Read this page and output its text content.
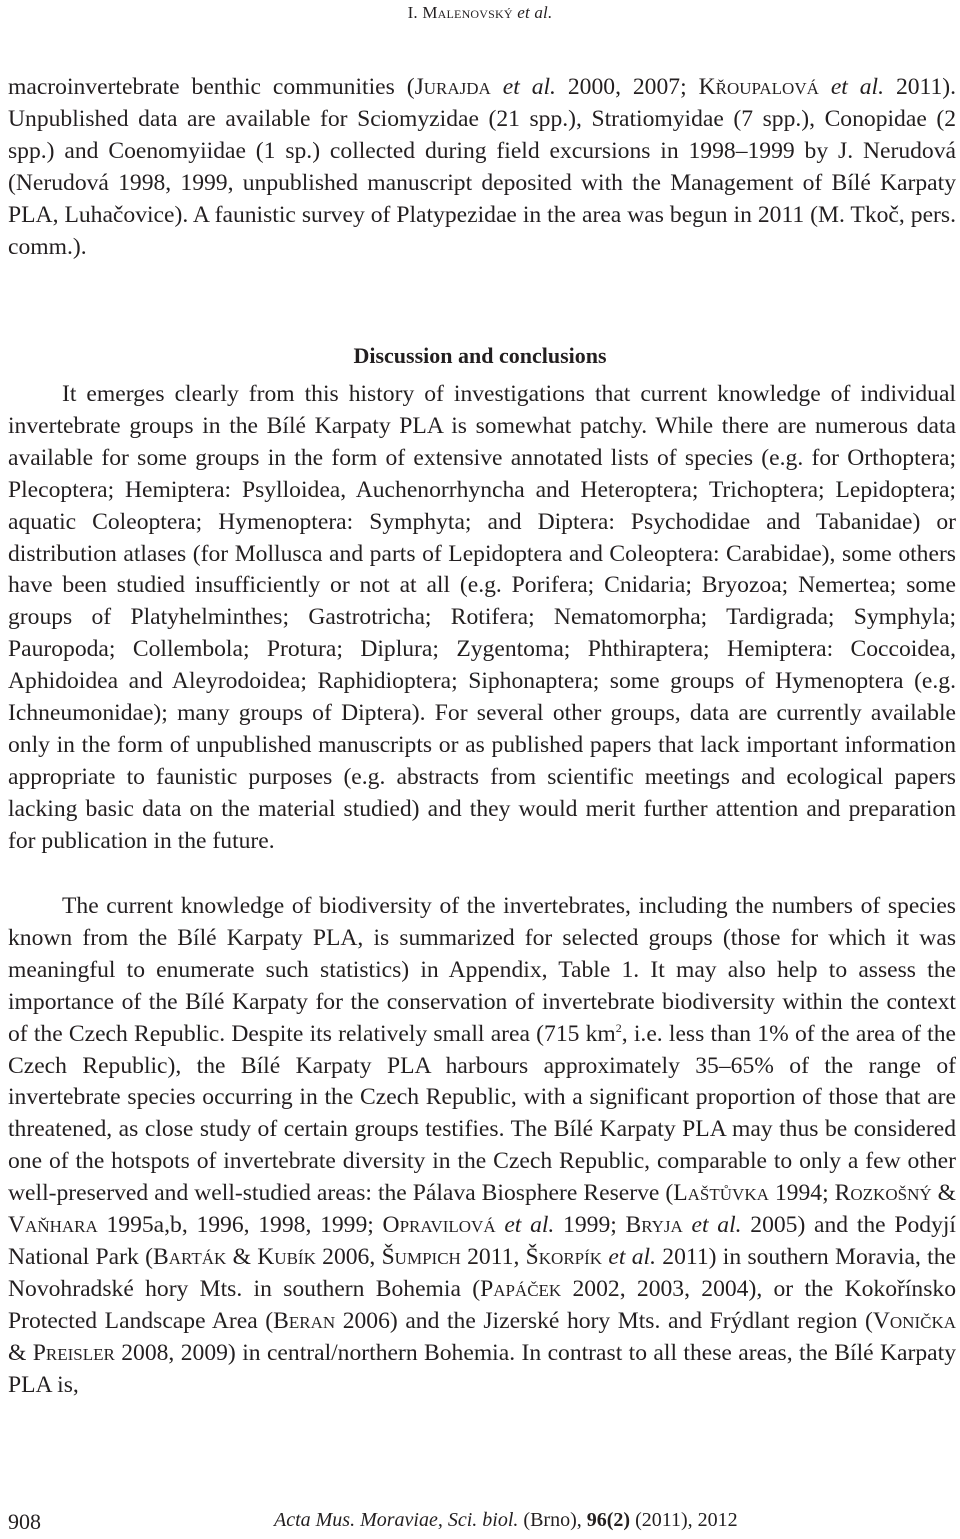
I. Malenovský et al.

macroinvertebrate benthic communities (Jurajda et al. 2000, 2007; Křoupalová et al. 2011). Unpublished data are available for Sciomyzidae (21 spp.), Stratiomyidae (7 spp.), Conopidae (2 spp.) and Coenomyiidae (1 sp.) collected during field excursions in 1998–1999 by J. Nerudová (Nerudová 1998, 1999, unpublished manuscript deposited with the Management of Bílé Karpaty PLA, Luhačovice). A faunistic survey of Platypezidae in the area was begun in 2011 (M. Tkoč, pers. comm.).

Discussion and conclusions

It emerges clearly from this history of investigations that current knowledge of individual invertebrate groups in the Bílé Karpaty PLA is somewhat patchy. While there are numerous data available for some groups in the form of extensive annotated lists of species (e.g. for Orthoptera; Plecoptera; Hemiptera: Psylloidea, Auchenorrhyncha and Heteroptera; Trichoptera; Lepidoptera; aquatic Coleoptera; Hymenoptera: Symphyta; and Diptera: Psychodidae and Tabanidae) or distribution atlases (for Mollusca and parts of Lepidoptera and Coleoptera: Carabidae), some others have been studied insufficiently or not at all (e.g. Porifera; Cnidaria; Bryozoa; Nemertea; some groups of Platyhelminthes; Gastrotricha; Rotifera; Nematomorpha; Tardigrada; Symphyla; Pauropoda; Collembola; Protura; Diplura; Zygentoma; Phthiraptera; Hemiptera: Coccoidea, Aphidoidea and Aleyrodoidea; Raphidioptera; Siphonaptera; some groups of Hymenoptera (e.g. Ichneumonidae); many groups of Diptera). For several other groups, data are currently available only in the form of unpublished manuscripts or as published papers that lack important information appropriate to faunistic purposes (e.g. abstracts from scientific meetings and ecological papers lacking basic data on the material studied) and they would merit further attention and preparation for publication in the future.

The current knowledge of biodiversity of the invertebrates, including the numbers of species known from the Bílé Karpaty PLA, is summarized for selected groups (those for which it was meaningful to enumerate such statistics) in Appendix, Table 1. It may also help to assess the importance of the Bílé Karpaty for the conservation of invertebrate biodiversity within the context of the Czech Republic. Despite its relatively small area (715 $km^2$, i.e. less than 1% of the area of the Czech Republic), the Bílé Karpaty PLA harbours approximately 35–65% of the range of invertebrate species occurring in the Czech Republic, with a significant proportion of those that are threatened, as close study of certain groups testifies. The Bílé Karpaty PLA may thus be considered one of the hotspots of invertebrate diversity in the Czech Republic, comparable to only a few other well-preserved and well-studied areas: the Pálava Biosphere Reserve (Laštůvka 1994; Rozkošný & Vaňhara 1995a,b, 1996, 1998, 1999; Opravilová et al. 1999; Bryja et al. 2005) and the Podyjí National Park (Barták & Kubík 2006, Šumpich 2011, Škorpík et al. 2011) in southern Moravia, the Novohradské hory Mts. in southern Bohemia (Papáček 2002, 2003, 2004), or the Kokořínsko Protected Landscape Area (Beran 2006) and the Jizerské hory Mts. and Frýdlant region (Vonička & Preisler 2008, 2009) in central/northern Bohemia. In contrast to all these areas, the Bílé Karpaty PLA is,

908	Acta Mus. Moraviae, Sci. biol. (Brno), 96(2) (2011), 2012
